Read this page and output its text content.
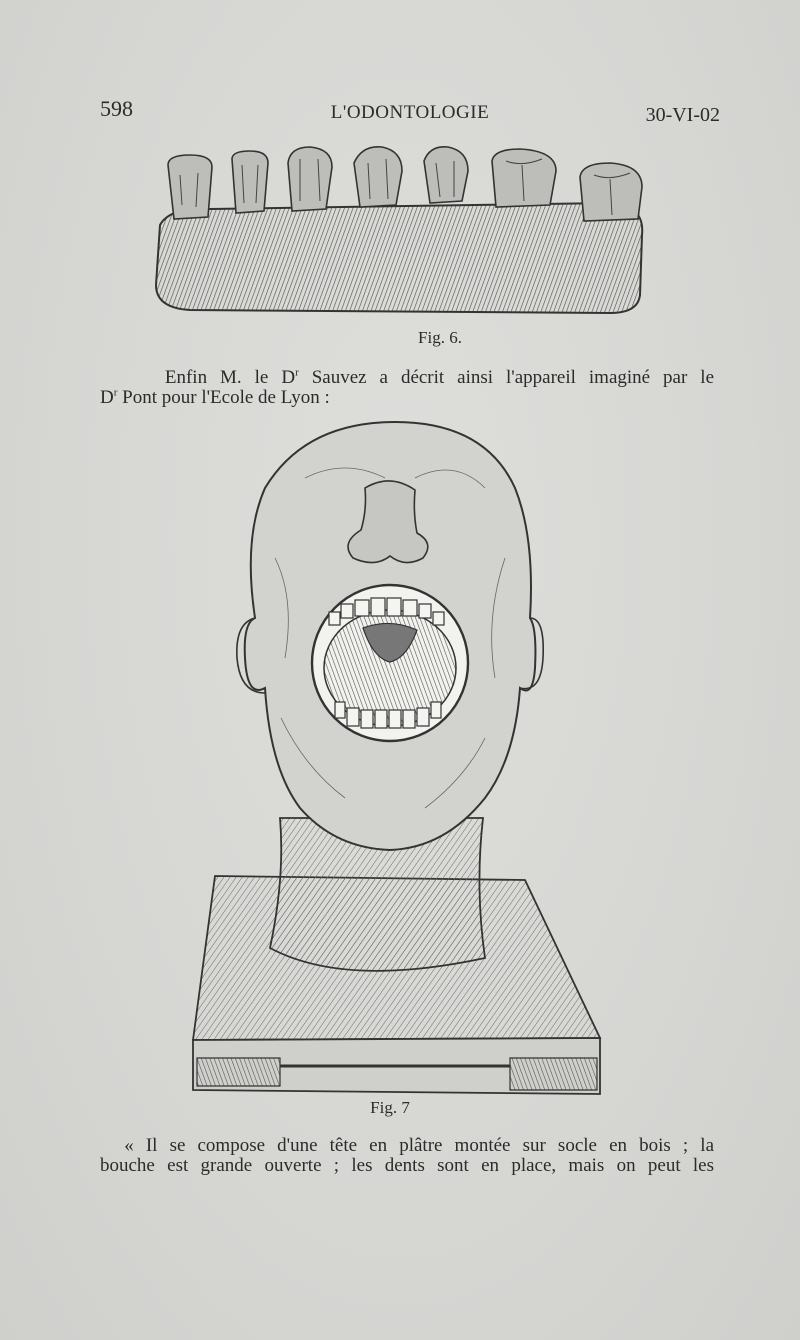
598	L'ODONTOLOGIE	30-VI-02
Fig. 6.
Enfin M. le $D^r$ Sauvez a décrit ainsi l'appareil imaginé par le
$D^r$ Pont pour l'Ecole de Lyon :
Fig. 7
« Il se compose d'une tête en plâtre montée sur socle en bois ; la
bouche est grande ouverte ; les dents sont en place, mais on peut les
